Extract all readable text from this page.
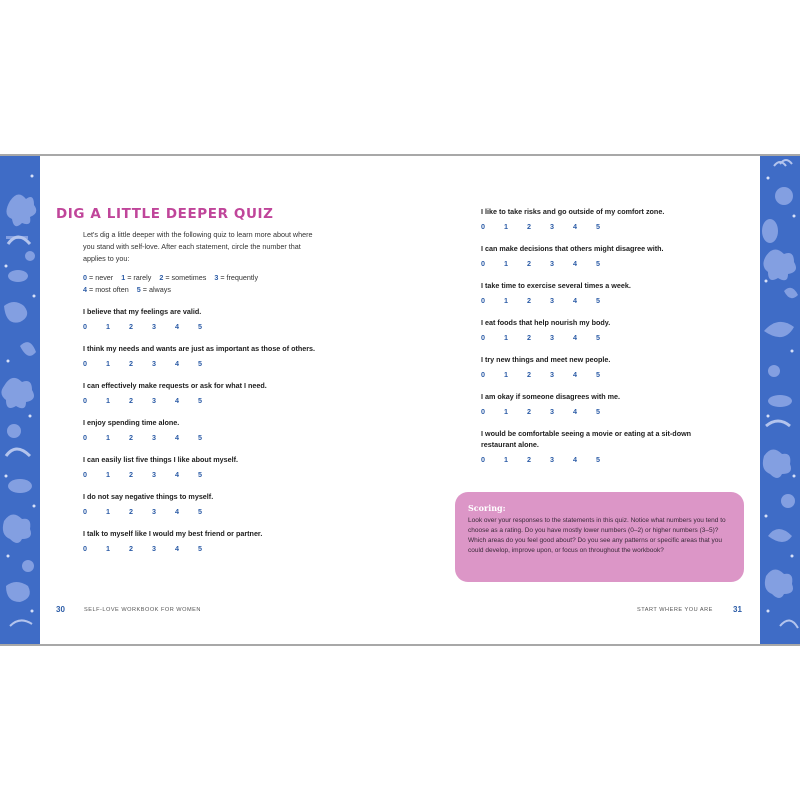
DIG A LITTLE DEEPER QUIZ
Let's dig a little deeper with the following quiz to learn more about where you stand with self-love. After each statement, circle the number that applies to you:
0 = never 1 = rarely 2 = sometimes 3 = frequently
4 = most often 5 = always
I believe that my feelings are valid.
0	1	2	3	4	5
I think my needs and wants are just as important as those of others.
0	1	2	3	4	5
I can effectively make requests or ask for what I need.
0	1	2	3	4	5
I enjoy spending time alone.
0	1	2	3	4	5
I can easily list five things I like about myself.
0	1	2	3	4	5
I do not say negative things to myself.
0	1	2	3	4	5
I talk to myself like I would my best friend or partner.
0	1	2	3	4	5
30	SELF-LOVE WORKBOOK FOR WOMEN
I like to take risks and go outside of my comfort zone.
0	1	2	3	4	5
I can make decisions that others might disagree with.
0	1	2	3	4	5
I take time to exercise several times a week.
0	1	2	3	4	5
I eat foods that help nourish my body.
0	1	2	3	4	5
I try new things and meet new people.
0	1	2	3	4	5
I am okay if someone disagrees with me.
0	1	2	3	4	5
I would be comfortable seeing a movie or eating at a sit-down restaurant alone.
0	1	2	3	4	5
Scoring:
Look over your responses to the statements in this quiz. Notice what numbers you tend to choose as a rating. Do you have mostly lower numbers (0–2) or higher numbers (3–5)? Which areas do you feel good about? Do you see any patterns or specific areas that you could develop, improve upon, or focus on throughout the workbook?
START WHERE YOU ARE	31
